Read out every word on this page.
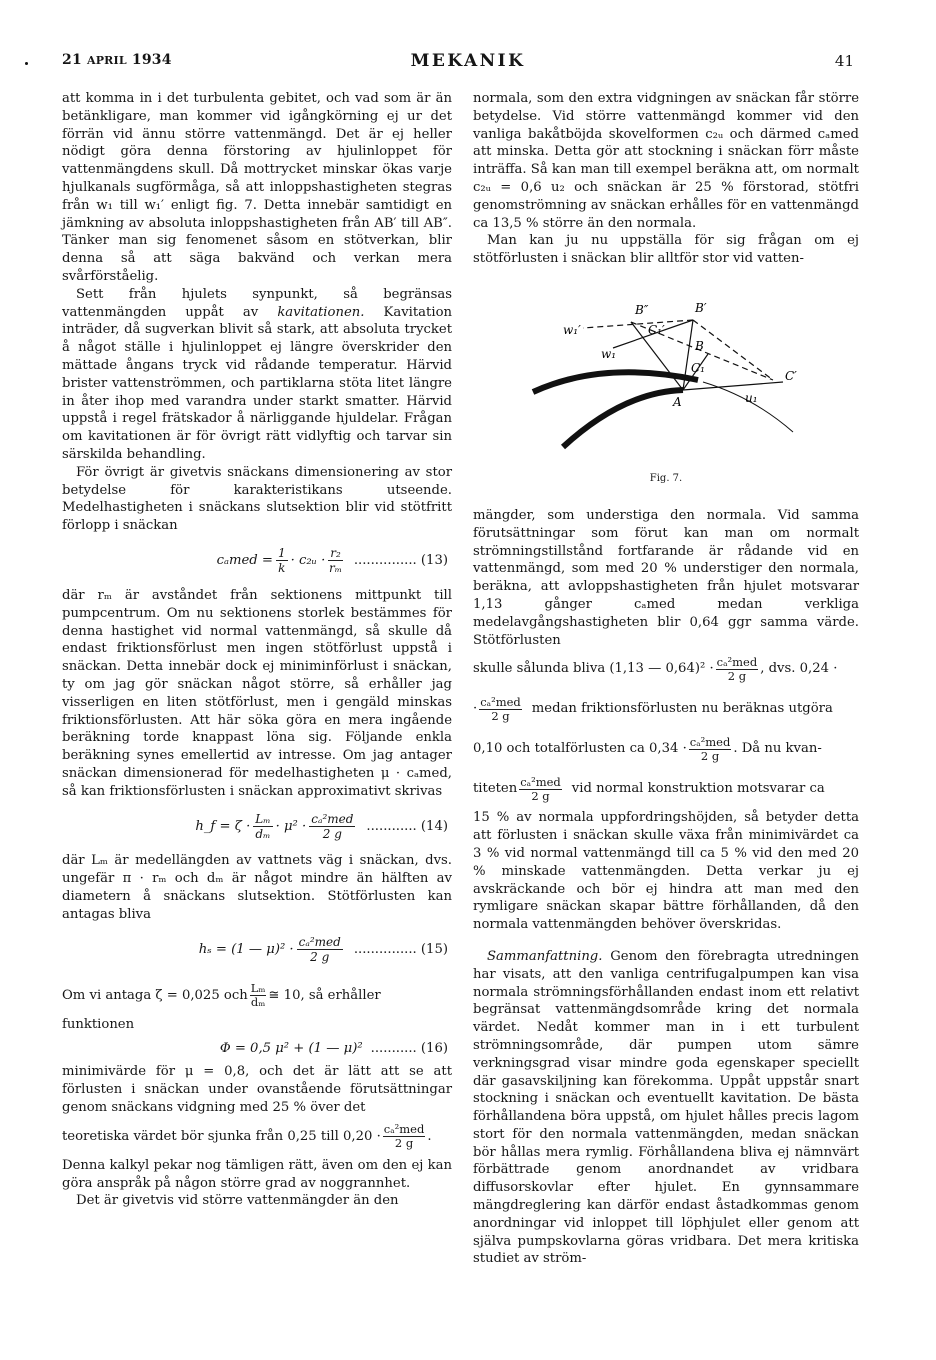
21 APRIL 1934	MEKANIK	41

att komma in i det turbulenta gebitet, och vad som är än betänkligare, man kommer vid igångkörning ej ur det förrän vid ännu större vattenmängd. Det är ej heller nödigt göra denna förstoring av hjulinloppet för vattenmängdens skull. Då mottrycket minskar ökas varje hjulkanals sugförmåga, så att inloppshastigheten stegras från w₁ till w₁′ enligt fig. 7. Detta innebär samtidigt en jämkning av absoluta inloppshastigheten från AB′ till AB″. Tänker man sig fenomenet såsom en stötverkan, blir denna så att säga bakvänd och verkan mera svårförståelig.

Sett från hjulets synpunkt, så begränsas vattenmängden uppåt av kavitationen. Kavitation inträder, då sugverkan blivit så stark, att absoluta trycket å något ställe i hjulinloppet ej längre överskrider den mättade ångans tryck vid rådande temperatur. Härvid brister vattenströmmen, och partiklarna stöta litet längre in åter ihop med varandra under starkt smatter. Härvid uppstå i regel frätskador å närliggande hjuldelar. Frågan om kavitationen är för övrigt rätt vidlyftig och tarvar sin särskilda behandling.

För övrigt är givetvis snäckans dimensionering av stor betydelse för karakteristikans utseende. Medelhastigheten i snäckans slutsektion blir vid stötfritt förlopp i snäckan

$c_amed = \frac{1}{k}$ · c₂ᵤ · $\frac{\text{r₂}}{\text{rₘ}}$ ............... (13)

där rₘ är avståndet från sektionens mittpunkt till pumpcentrum. Om nu sektionens storlek bestämmes för denna hastighet vid normal vattenmängd, så skulle då endast friktionsförlust men ingen stötförlust uppstå i snäckan. Detta innebär dock ej miniminförlust i snäckan, ty om jag gör snäckan något större, så erhåller jag visserligen en liten stötförlust, men i gengäld minskas friktionsförlusten. Att här söka göra en mera ingående beräkning torde knappast löna sig. Följande enkla beräkning synes emellertid av intresse. Om jag antager snäckan dimensionerad för medelhastigheten μ · cₐmed, så kan friktionsförlusten i snäckan approximativt skrivas

h_f = $\zeta \cdot \frac{\text{Lₘ}}{\text{dₘ}} \cdot \mu^2 \cdot \frac{\text{cₐ²med}}{2 g}$ ............ (14)

där Lₘ är medellängden av vattnets väg i snäckan, dvs. ungefär π · rₘ och dₘ är något mindre än hälften av diametern å snäckans slutsektion. Stötförlusten kan antagas bliva

hₛ = (1 — $\mu)^2 \cdot \frac{\text{cₐ²med}}{2 g}$ ............... (15)
Om vi antaga ζ = 0,025 och $\frac{\text{Lₘ}}{\text{dₘ}}$ ≅ 10, så erhåller

funktionen

Φ = 0,5 μ² + (1 — μ)² ........... (16)

minimivärde för μ = 0,8, och det är lätt att se att förlusten i snäckan under ovanstående förutsättningar genom snäckans vidgning med 25 % över det

teoretiska värdet bör sjunka från 0,25 till $0,20 \cdot \frac{\text{cₐ²med}}{2 g}$ .

Denna kalkyl pekar nog tämligen rätt, även om den ej kan göra anspråk på någon större grad av noggrannhet.

Det är givetvis vid större vattenmängder än den

normala, som den extra vidgningen av snäckan får större betydelse. Vid större vattenmängd kommer vid den vanliga bakåtböjda skovelformen c₂ᵤ och därmed cₐmed att minska. Detta gör att stockning i snäckan förr måste inträffa. Så kan man till exempel beräkna att, om normalt c₂ᵤ = 0,6 u₂ och snäckan är 25 % förstorad, stötfri genomströmning av snäckan erhålles för en vattenmängd ca 13,5 % större än den normala.

Man kan ju nu uppställa för sig frågan om ej stötförlusten i snäckan blir alltför stor vid vatten-

B″	B′
C₁′
w₁′
w₁
B
C₁
A	u₁
C′
Fig. 7.

mängder, som understiga den normala. Vid samma förutsättningar som förut kan man om normalt strömningstillstånd fortfarande är rådande vid en vattenmängd, som med 20 % understiger den normala, beräkna, att avloppshastigheten från hjulet motsvarar 1,13 gånger cₐmed medan verkliga medelavgångshastigheten blir 0,64 ggr samma värde. Stötförlusten

skulle sålunda bliva (1,13 — $0,64)^2 \cdot \frac{\text{cₐ²med}}{2 g}$ , dvs. 0,24 ·
· $\frac{\text{cₐ²med}}{2 g}$ medan friktionsförlusten nu beräknas utgöra
0,10 och totalförlusten ca $0,34 \cdot \frac{\text{cₐ²med}}{2 g}$ . Då nu kvan-
titeten $\frac{\text{cₐ²med}}{2 g}$ vid normal konstruktion motsvarar ca

15 % av normala uppfordringshöjden, så betyder detta att förlusten i snäckan skulle växa från minimivärdet ca 3 % vid normal vattenmängd till ca 5 % vid den med 20 % minskade vattenmängden. Detta verkar ju ej avskräckande och bör ej hindra att man med den rymligare snäckan skapar bättre förhållanden, då den normala vattenmängden behöver överskridas.

Sammanfattning. Genom den förebragta utredningen har visats, att den vanliga centrifugalpumpen kan visa normala strömningsförhållanden endast inom ett relativt begränsat vattenmängdsområde kring det normala värdet. Nedåt kommer man in i ett turbulent strömningsområde, där pumpen utom sämre verkningsgrad visar mindre goda egenskaper speciellt där gasavskiljning kan förekomma. Uppåt uppstår snart stockning i snäckan och eventuellt kavitation. De bästa förhållandena böra uppstå, om hjulet hålles precis lagom stort för den normala vattenmängden, medan snäckan bör hållas mera rymlig. Förhållandena bliva ej nämnvärt förbättrade genom anordnandet av vridbara diffusorskovlar efter hjulet. En gynnsammare mängdreglering kan därför endast åstadkommas genom anordningar vid inloppet till löphjulet eller genom att själva pumpskovlarna göras vridbara. Det mera kritiska studiet av ström-
